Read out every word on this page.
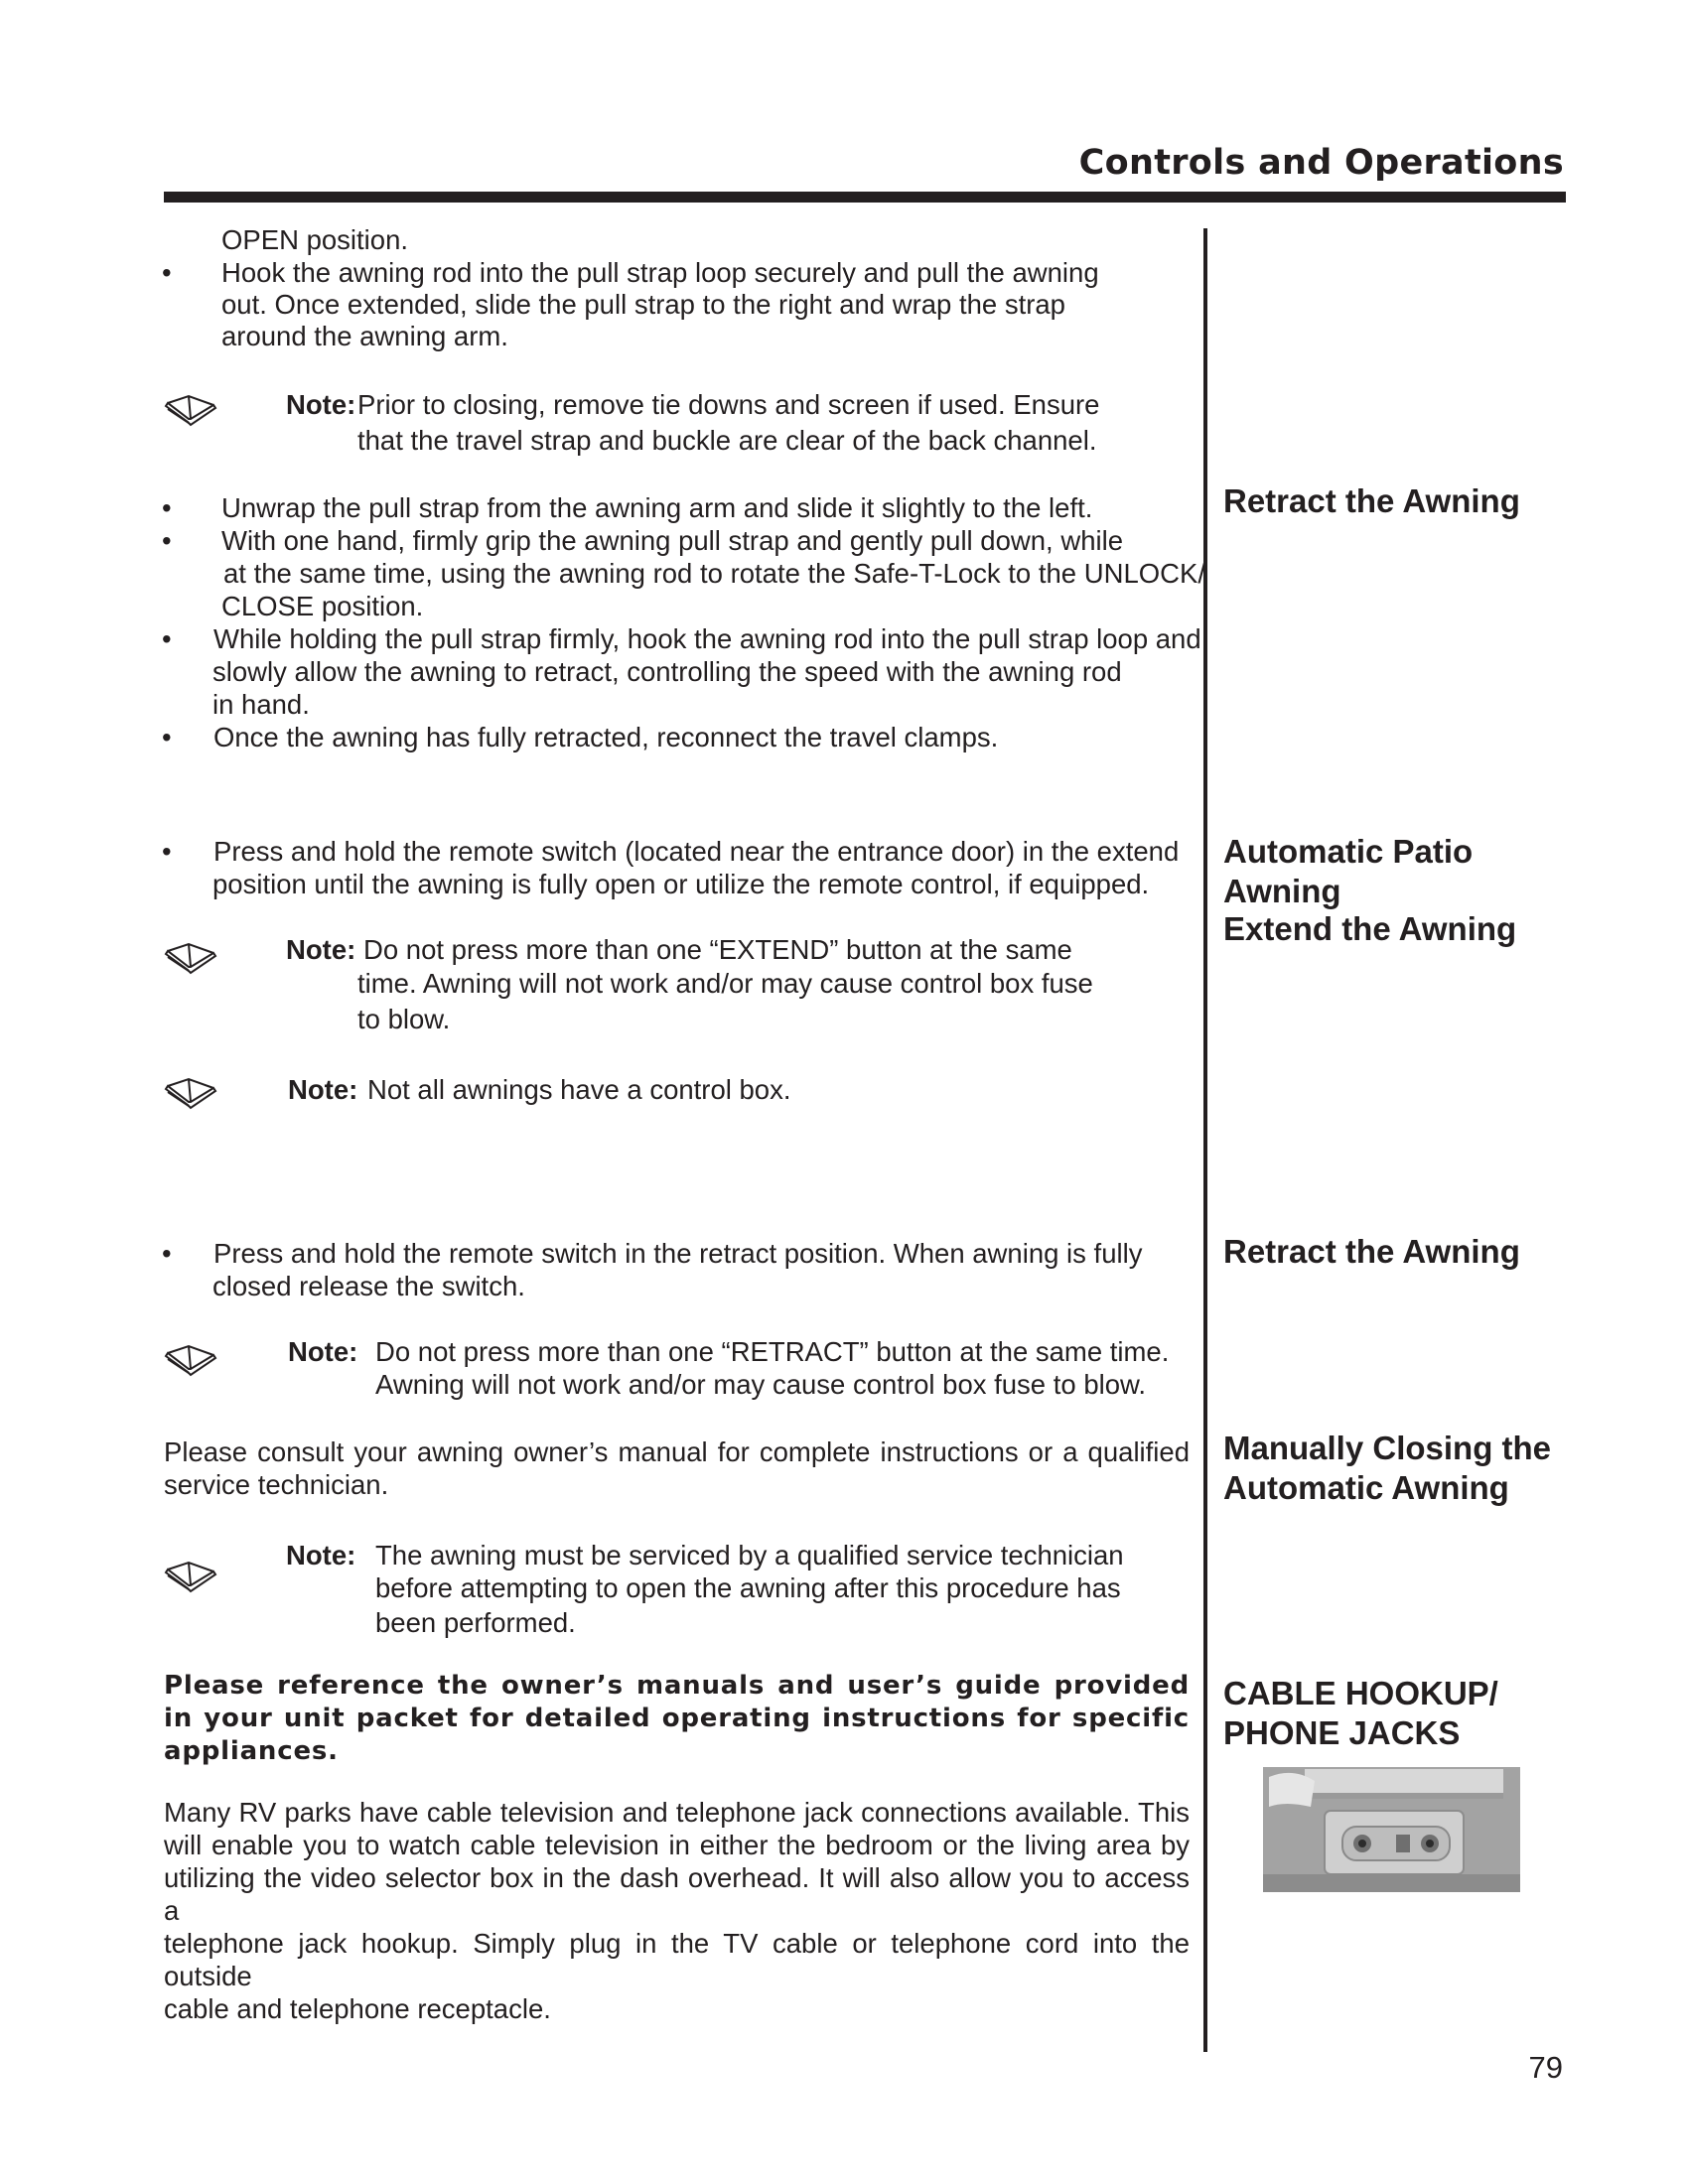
Controls and Operations
OPEN position.
•	Hook the awning rod into the pull strap loop securely and pull the awning
out. Once extended, slide the pull strap to the right and wrap the strap
around the awning arm.
Note: Prior to closing, remove tie downs and screen if used. Ensure
that the travel strap and buckle are clear of the back channel.
Retract the Awning
•	Unwrap the pull strap from the awning arm and slide it slightly to the left.
•	With one hand, firmly grip the awning pull strap and gently pull down, while
at the same time, using the awning rod to rotate the Safe-T-Lock to the UNLOCK/
CLOSE position.
•	While holding the pull strap firmly, hook the awning rod into the pull strap loop and
slowly allow the awning to retract, controlling the speed with the awning rod
in hand.
•	Once the awning has fully retracted, reconnect the travel clamps.
Automatic Patio
Awning
Extend the Awning
•	Press and hold the remote switch (located near the entrance door) in the extend
position until the awning is fully open or utilize the remote control, if equipped.
Note: Do not press more than one “EXTEND” button at the same
time. Awning will not work and/or may cause control box fuse
to blow.
Note: Not all awnings have a control box.
Retract the Awning
•	Press and hold the remote switch in the retract position. When awning is fully
closed release the switch.
Note: Do not press more than one “RETRACT” button at the same time.
Awning will not work and/or may cause control box fuse to blow.
Manually Closing the
Automatic Awning
Please consult your awning owner’s manual for complete instructions or a qualified
service technician.
Note: The awning must be serviced by a qualified service technician
before attempting to open the awning after this procedure has
been performed.
Please reference the owner’s manuals and user’s guide provided
in your unit packet for detailed operating instructions for specific
appliances.
CABLE HOOKUP/
PHONE JACKS
Many RV parks have cable television and telephone jack connections available. This
will enable you to watch cable television in either the bedroom or the living area by
utilizing the video selector box in the dash overhead. It will also allow you to access a
telephone jack hookup. Simply plug in the TV cable or telephone cord into the outside
cable and telephone receptacle.
79
